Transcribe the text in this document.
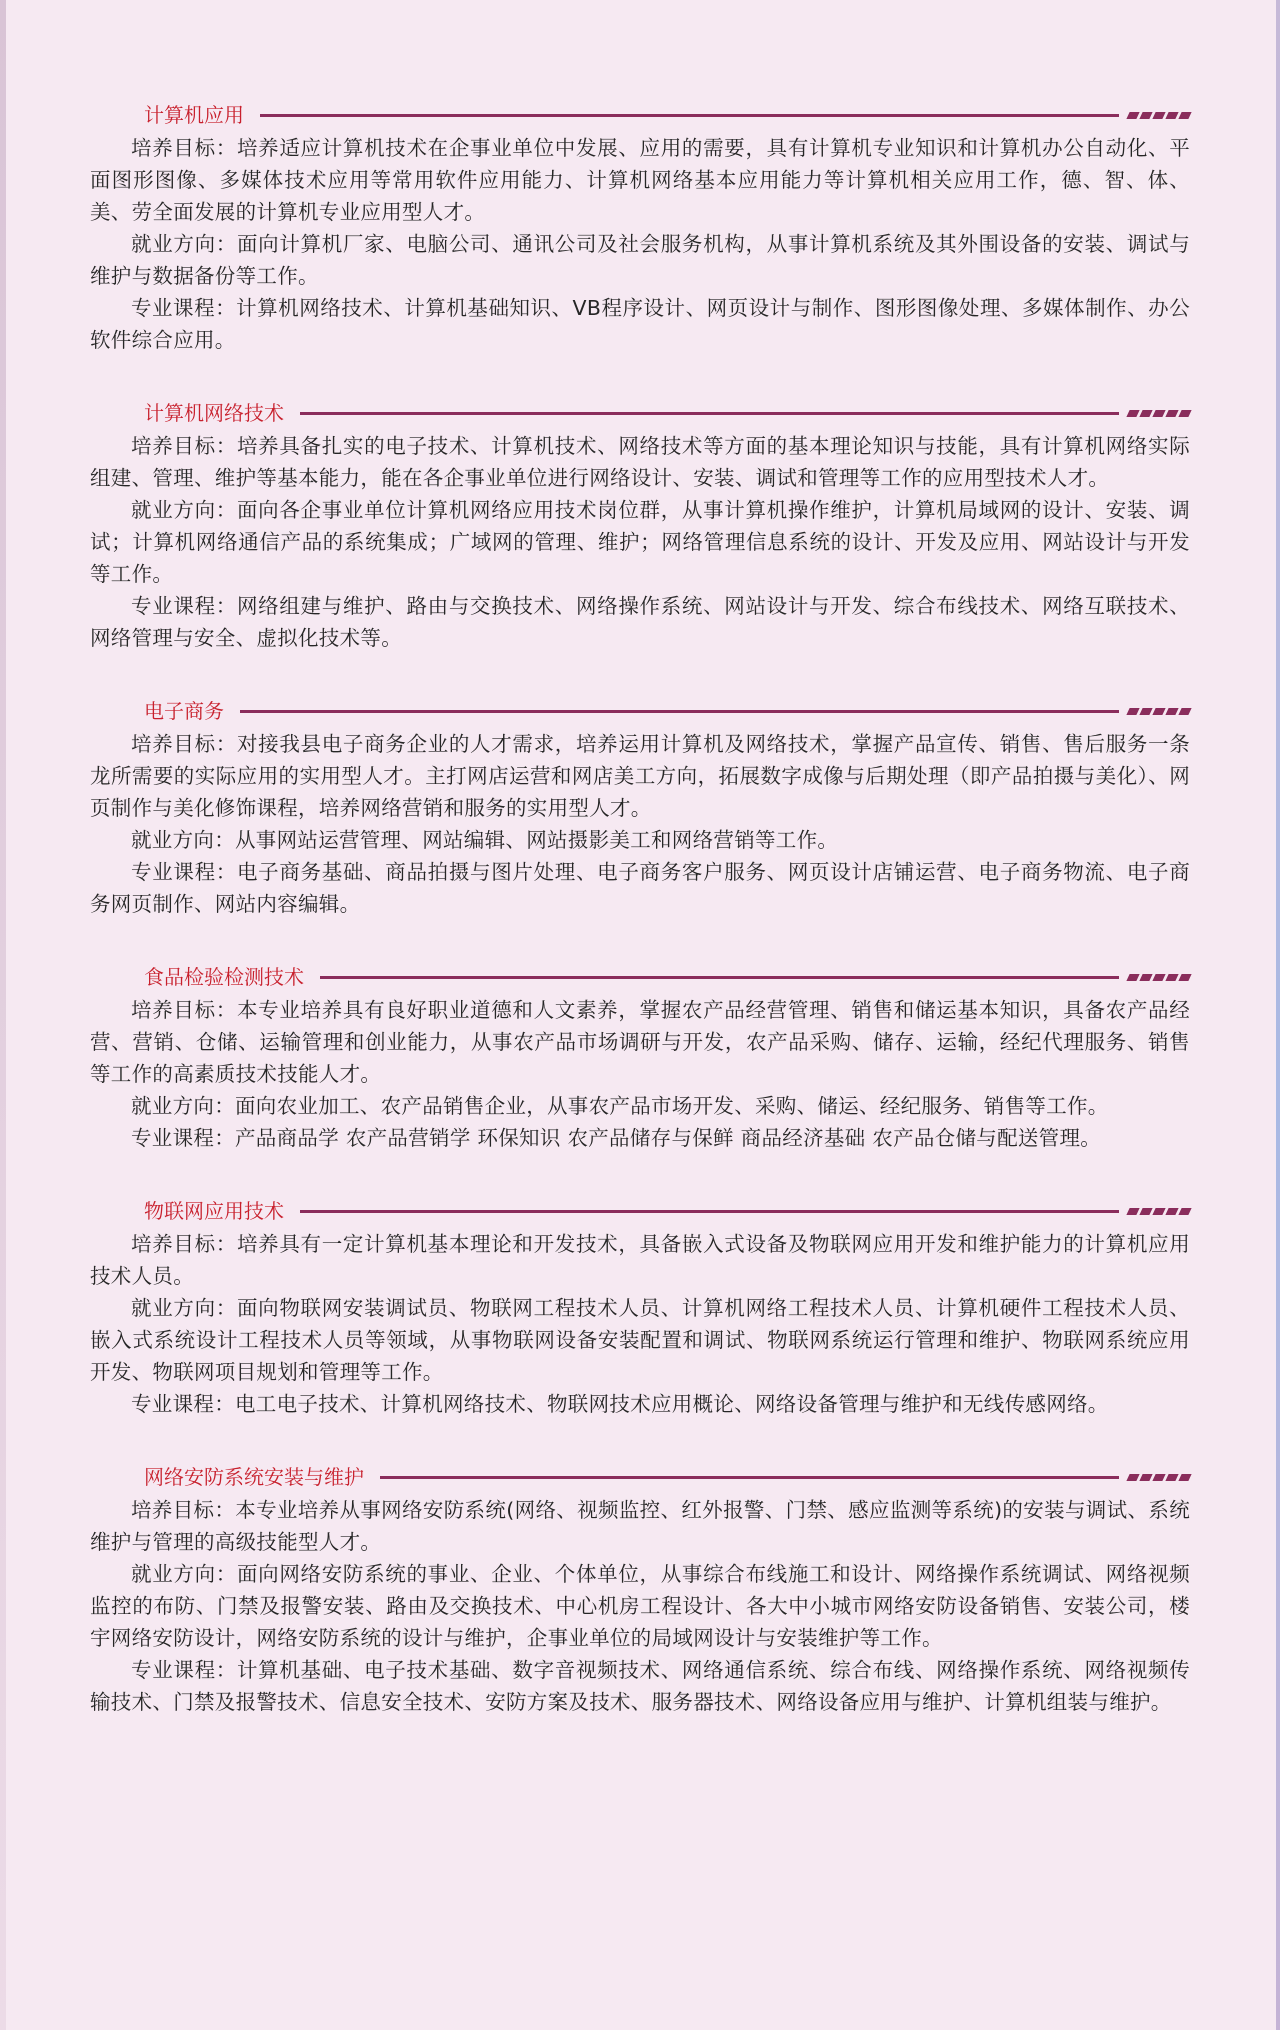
计算机应用

培养目标：培养适应计算机技术在企事业单位中发展、应用的需要，具有计算机专业知识和计算机办公自动化、平面图形图像、多媒体技术应用等常用软件应用能力、计算机网络基本应用能力等计算机相关应用工作，德、智、体、美、劳全面发展的计算机专业应用型人才。

就业方向：面向计算机厂家、电脑公司、通讯公司及社会服务机构，从事计算机系统及其外围设备的安装、调试与维护与数据备份等工作。

专业课程：计算机网络技术、计算机基础知识、VB程序设计、网页设计与制作、图形图像处理、多媒体制作、办公软件综合应用。

计算机网络技术

培养目标：培养具备扎实的电子技术、计算机技术、网络技术等方面的基本理论知识与技能，具有计算机网络实际组建、管理、维护等基本能力，能在各企事业单位进行网络设计、安装、调试和管理等工作的应用型技术人才。

就业方向：面向各企事业单位计算机网络应用技术岗位群，从事计算机操作维护，计算机局域网的设计、安装、调试；计算机网络通信产品的系统集成；广域网的管理、维护；网络管理信息系统的设计、开发及应用、网站设计与开发等工作。

专业课程：网络组建与维护、路由与交换技术、网络操作系统、网站设计与开发、综合布线技术、网络互联技术、网络管理与安全、虚拟化技术等。

电子商务

培养目标：对接我县电子商务企业的人才需求，培养运用计算机及网络技术，掌握产品宣传、销售、售后服务一条龙所需要的实际应用的实用型人才。主打网店运营和网店美工方向，拓展数字成像与后期处理（即产品拍摄与美化）、网页制作与美化修饰课程，培养网络营销和服务的实用型人才。

就业方向：从事网站运营管理、网站编辑、网站摄影美工和网络营销等工作。

专业课程：电子商务基础、商品拍摄与图片处理、电子商务客户服务、网页设计店铺运营、电子商务物流、电子商务网页制作、网站内容编辑。

食品检验检测技术

培养目标：本专业培养具有良好职业道德和人文素养，掌握农产品经营管理、销售和储运基本知识，具备农产品经营、营销、仓储、运输管理和创业能力，从事农产品市场调研与开发，农产品采购、储存、运输，经纪代理服务、销售等工作的高素质技术技能人才。

就业方向：面向农业加工、农产品销售企业，从事农产品市场开发、采购、储运、经纪服务、销售等工作。

专业课程：产品商品学 农产品营销学 环保知识 农产品储存与保鲜 商品经济基础 农产品仓储与配送管理。

物联网应用技术

培养目标：培养具有一定计算机基本理论和开发技术，具备嵌入式设备及物联网应用开发和维护能力的计算机应用技术人员。

就业方向：面向物联网安装调试员、物联网工程技术人员、计算机网络工程技术人员、计算机硬件工程技术人员、嵌入式系统设计工程技术人员等领域，从事物联网设备安装配置和调试、物联网系统运行管理和维护、物联网系统应用开发、物联网项目规划和管理等工作。

专业课程：电工电子技术、计算机网络技术、物联网技术应用概论、网络设备管理与维护和无线传感网络。

网络安防系统安装与维护

培养目标：本专业培养从事网络安防系统(网络、视频监控、红外报警、门禁、感应监测等系统)的安装与调试、系统维护与管理的高级技能型人才。

就业方向：面向网络安防系统的事业、企业、个体单位，从事综合布线施工和设计、网络操作系统调试、网络视频监控的布防、门禁及报警安装、路由及交换技术、中心机房工程设计、各大中小城市网络安防设备销售、安装公司，楼宇网络安防设计，网络安防系统的设计与维护，企事业单位的局域网设计与安装维护等工作。

专业课程：计算机基础、电子技术基础、数字音视频技术、网络通信系统、综合布线、网络操作系统、网络视频传输技术、门禁及报警技术、信息安全技术、安防方案及技术、服务器技术、网络设备应用与维护、计算机组装与维护。
